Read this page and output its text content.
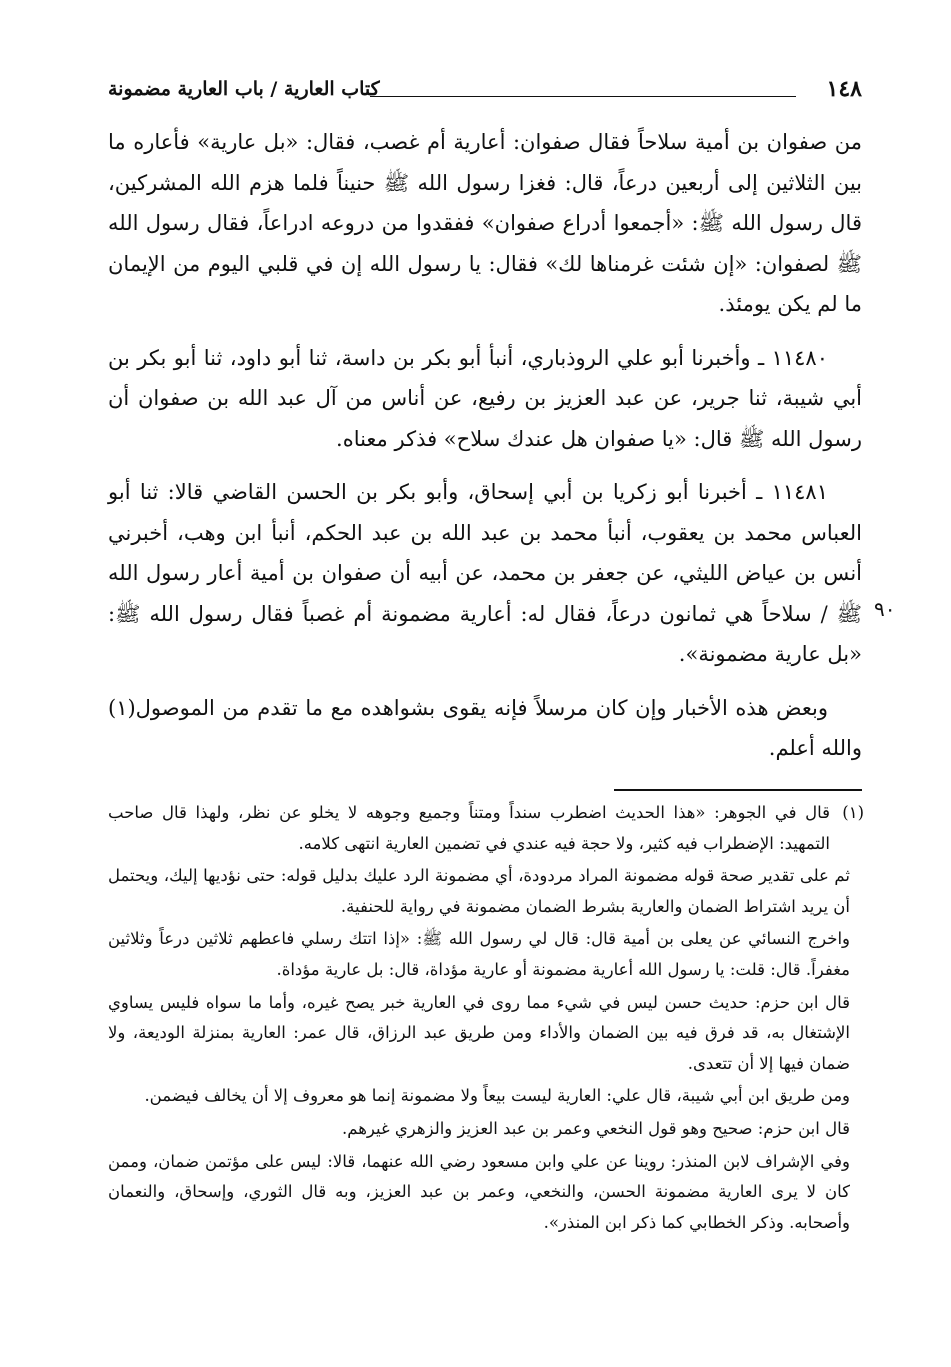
١٤٨
كتاب العارية / باب العارية مضمونة

من صفوان بن أمية سلاحاً فقال صفوان: أعارية أم غصب، فقال: «بل عارية» فأعاره ما بين الثلاثين إلى أربعين درعاً، قال: فغزا رسول الله ﷺ حنيناً فلما هزم الله المشركين، قال رسول الله ﷺ: «أجمعوا أدراع صفوان» ففقدوا من دروعه ادراعاً، فقال رسول الله ﷺ لصفوان: «إن شئت غرمناها لك» فقال: يا رسول الله إن في قلبي اليوم من الإيمان ما لم يكن يومئذ.

١١٤٨٠ ـ وأخبرنا أبو علي الروذباري، أنبأ أبو بكر بن داسة، ثنا أبو داود، ثنا أبو بكر بن أبي شيبة، ثنا جرير، عن عبد العزيز بن رفيع، عن أناس من آل عبد الله بن صفوان أن رسول الله ﷺ قال: «يا صفوان هل عندك سلاح» فذكر معناه.

١١٤٨١ ـ أخبرنا أبو زكريا بن أبي إسحاق، وأبو بكر بن الحسن القاضي قالا: ثنا أبو العباس محمد بن يعقوب، أنبأ محمد بن عبد الله بن عبد الحكم، أنبأ ابن وهب، أخبرني أنس بن عياض الليثي، عن جعفر بن محمد، عن أبيه أن صفوان بن أمية أعار رسول الله ﷺ / سلاحاً هي ثمانون درعاً، فقال له: أعارية مضمونة أم غصباً فقال رسول الله ﷺ: «بل عارية مضمونة».

وبعض هذه الأخبار وإن كان مرسلاً فإنه يقوى بشواهده مع ما تقدم من الموصول(١) والله أعلم.

٩٠

(١)
قال في الجوهر: «هذا الحديث اضطرب سنداً ومتناً وجميع وجوهه لا يخلو عن نظر، ولهذا قال صاحب التمهيد: الإضطراب فيه كثير، ولا حجة فيه عندي في تضمين العارية انتهى كلامه.

ثم على تقدير صحة قوله مضمونة المراد مردودة، أي مضمونة الرد عليك بدليل قوله: حتى نؤديها إليك، ويحتمل أن يريد اشتراط الضمان والعارية بشرط الضمان مضمونة في رواية للحنفية.

واخرج النسائي عن يعلى بن أمية قال: قال لي رسول الله ﷺ: «إذا اتتك رسلي فاعطهم ثلاثين درعاً وثلاثين مغفراً. قال: قلت: يا رسول الله أعارية مضمونة أو عارية مؤداة، قال: بل عارية مؤداة.

قال ابن حزم: حديث حسن ليس في شيء مما روى في العارية خبر يصح غيره، وأما ما سواه فليس يساوي الإشتغال به، قد فرق فيه بين الضمان والأداء ومن طريق عبد الرزاق، قال عمر: العارية بمنزلة الوديعة، ولا ضمان فيها إلا أن تتعدى.

ومن طريق ابن أبي شيبة، قال علي: العارية ليست بيعاً ولا مضمونة إنما هو معروف إلا أن يخالف فيضمن.

قال ابن حزم: صحيح وهو قول النخعي وعمر بن عبد العزيز والزهري غيرهم.

وفي الإشراف لابن المنذر: روينا عن علي وابن مسعود رضي الله عنهما، قالا: ليس على مؤتمن ضمان، وممن كان لا يرى العارية مضمونة الحسن، والنخعي، وعمر بن عبد العزيز، وبه قال الثوري، وإسحاق، والنعمان وأصحابه. وذكر الخطابي كما ذكر ابن المنذر».
